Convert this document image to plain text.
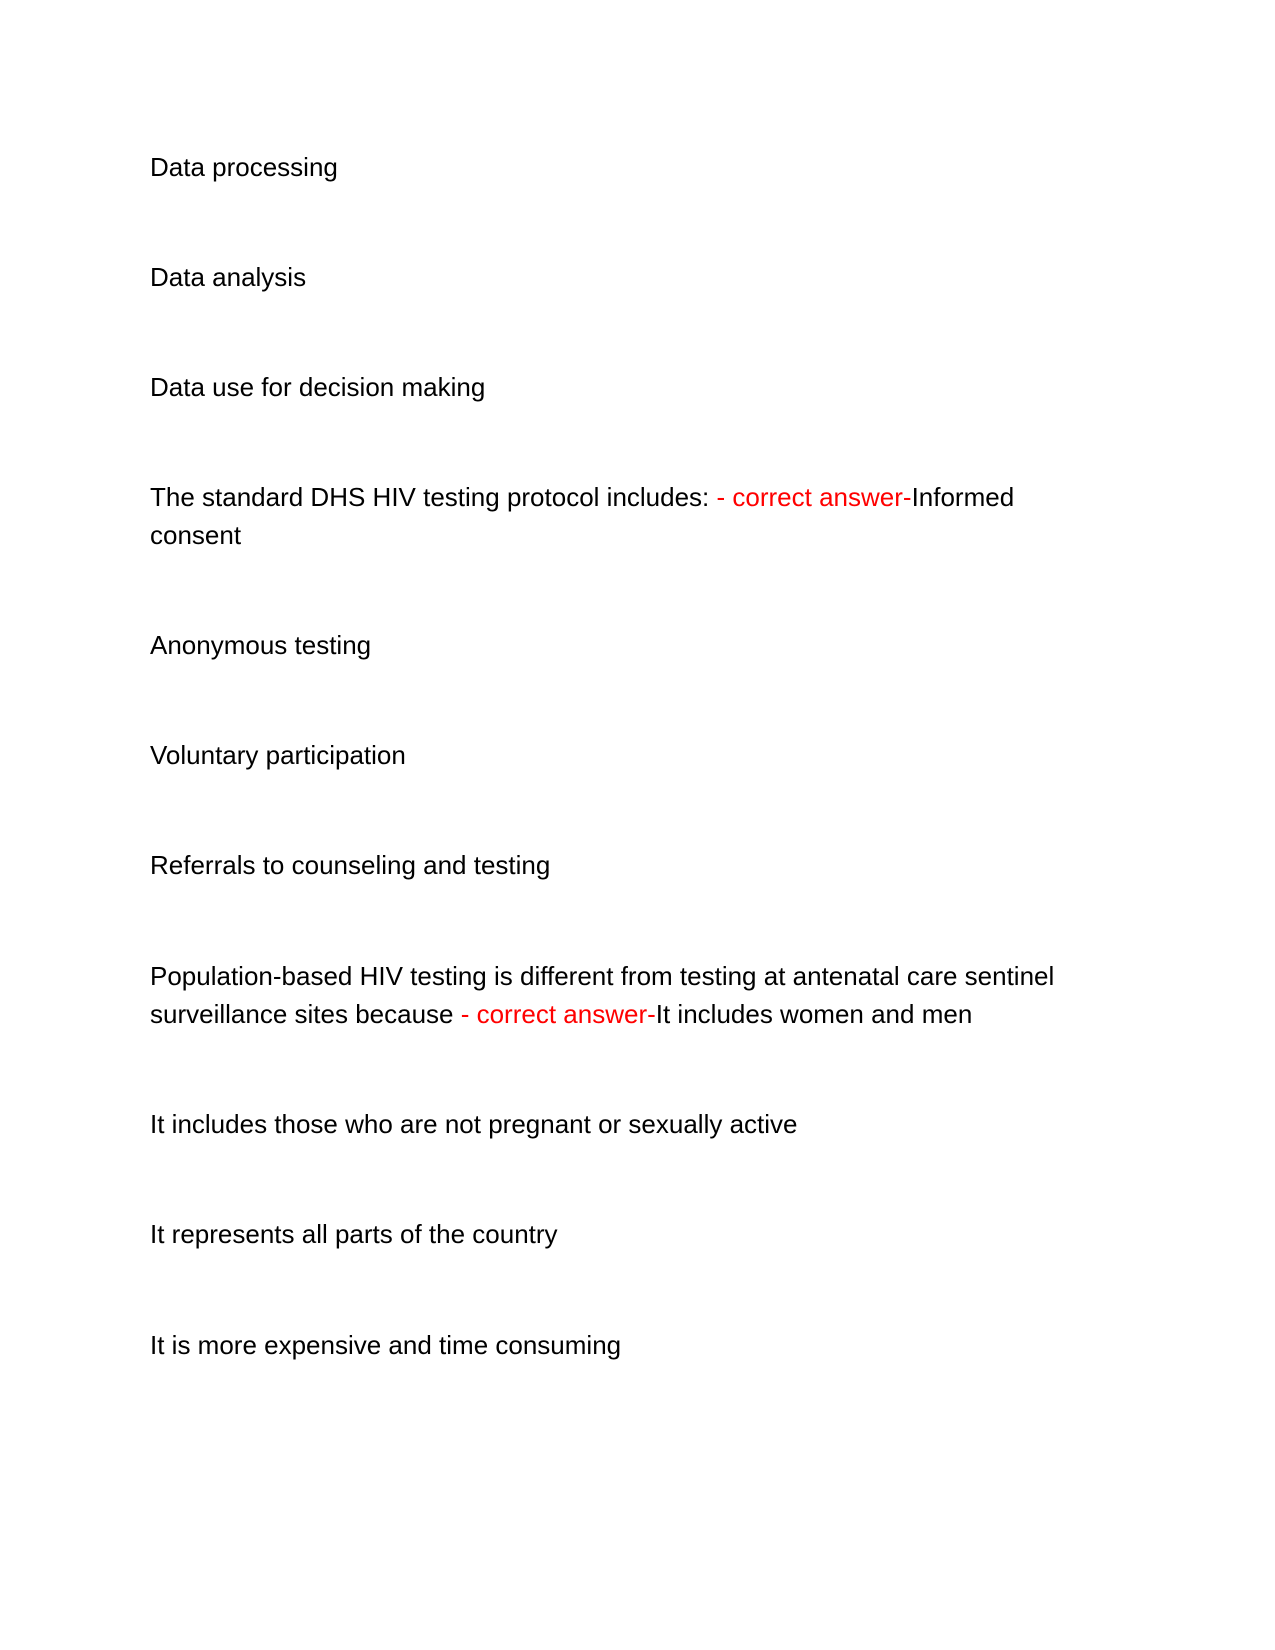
Data processing

Data analysis

Data use for decision making

The standard DHS HIV testing protocol includes: - correct answer-Informed consent

Anonymous testing

Voluntary participation

Referrals to counseling and testing

Population-based HIV testing is different from testing at antenatal care sentinel surveillance sites because - correct answer-It includes women and men

It includes those who are not pregnant or sexually active

It represents all parts of the country

It is more expensive and time consuming
